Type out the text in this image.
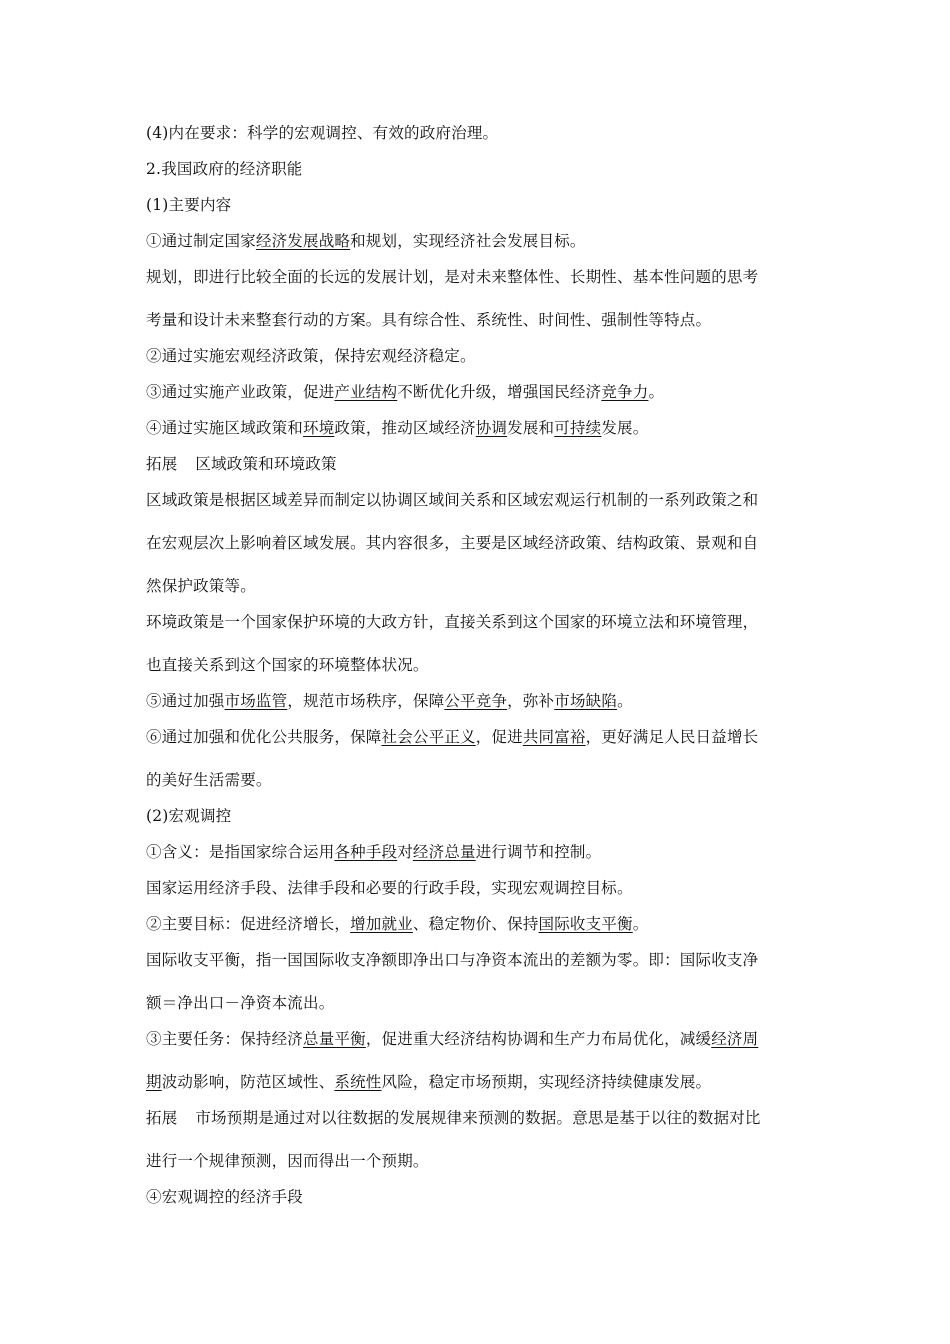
(4)内在要求：科学的宏观调控、有效的政府治理。
2.我国政府的经济职能
(1)主要内容
①通过制定国家经济发展战略和规划，实现经济社会发展目标。
规划，即进行比较全面的长远的发展计划，是对未来整体性、长期性、基本性问题的思考
考量和设计未来整套行动的方案。具有综合性、系统性、时间性、强制性等特点。
②通过实施宏观经济政策，保持宏观经济稳定。
③通过实施产业政策，促进产业结构不断优化升级，增强国民经济竞争力。
④通过实施区域政策和环境政策，推动区域经济协调发展和可持续发展。
拓展 区域政策和环境政策
区域政策是根据区域差异而制定以协调区域间关系和区域宏观运行机制的一系列政策之和
在宏观层次上影响着区域发展。其内容很多，主要是区域经济政策、结构政策、景观和自
然保护政策等。
环境政策是一个国家保护环境的大政方针，直接关系到这个国家的环境立法和环境管理，
也直接关系到这个国家的环境整体状况。
⑤通过加强市场监管，规范市场秩序，保障公平竞争，弥补市场缺陷。
⑥通过加强和优化公共服务，保障社会公平正义，促进共同富裕，更好满足人民日益增长
的美好生活需要。
(2)宏观调控
①含义：是指国家综合运用各种手段对经济总量进行调节和控制。
国家运用经济手段、法律手段和必要的行政手段，实现宏观调控目标。
②主要目标：促进经济增长，增加就业、稳定物价、保持国际收支平衡。
国际收支平衡，指一国国际收支净额即净出口与净资本流出的差额为零。即：国际收支净
额＝净出口－净资本流出。
③主要任务：保持经济总量平衡，促进重大经济结构协调和生产力布局优化，减缓经济周
期波动影响，防范区域性、系统性风险，稳定市场预期，实现经济持续健康发展。
拓展 市场预期是通过对以往数据的发展规律来预测的数据。意思是基于以往的数据对比
进行一个规律预测，因而得出一个预期。
④宏观调控的经济手段
